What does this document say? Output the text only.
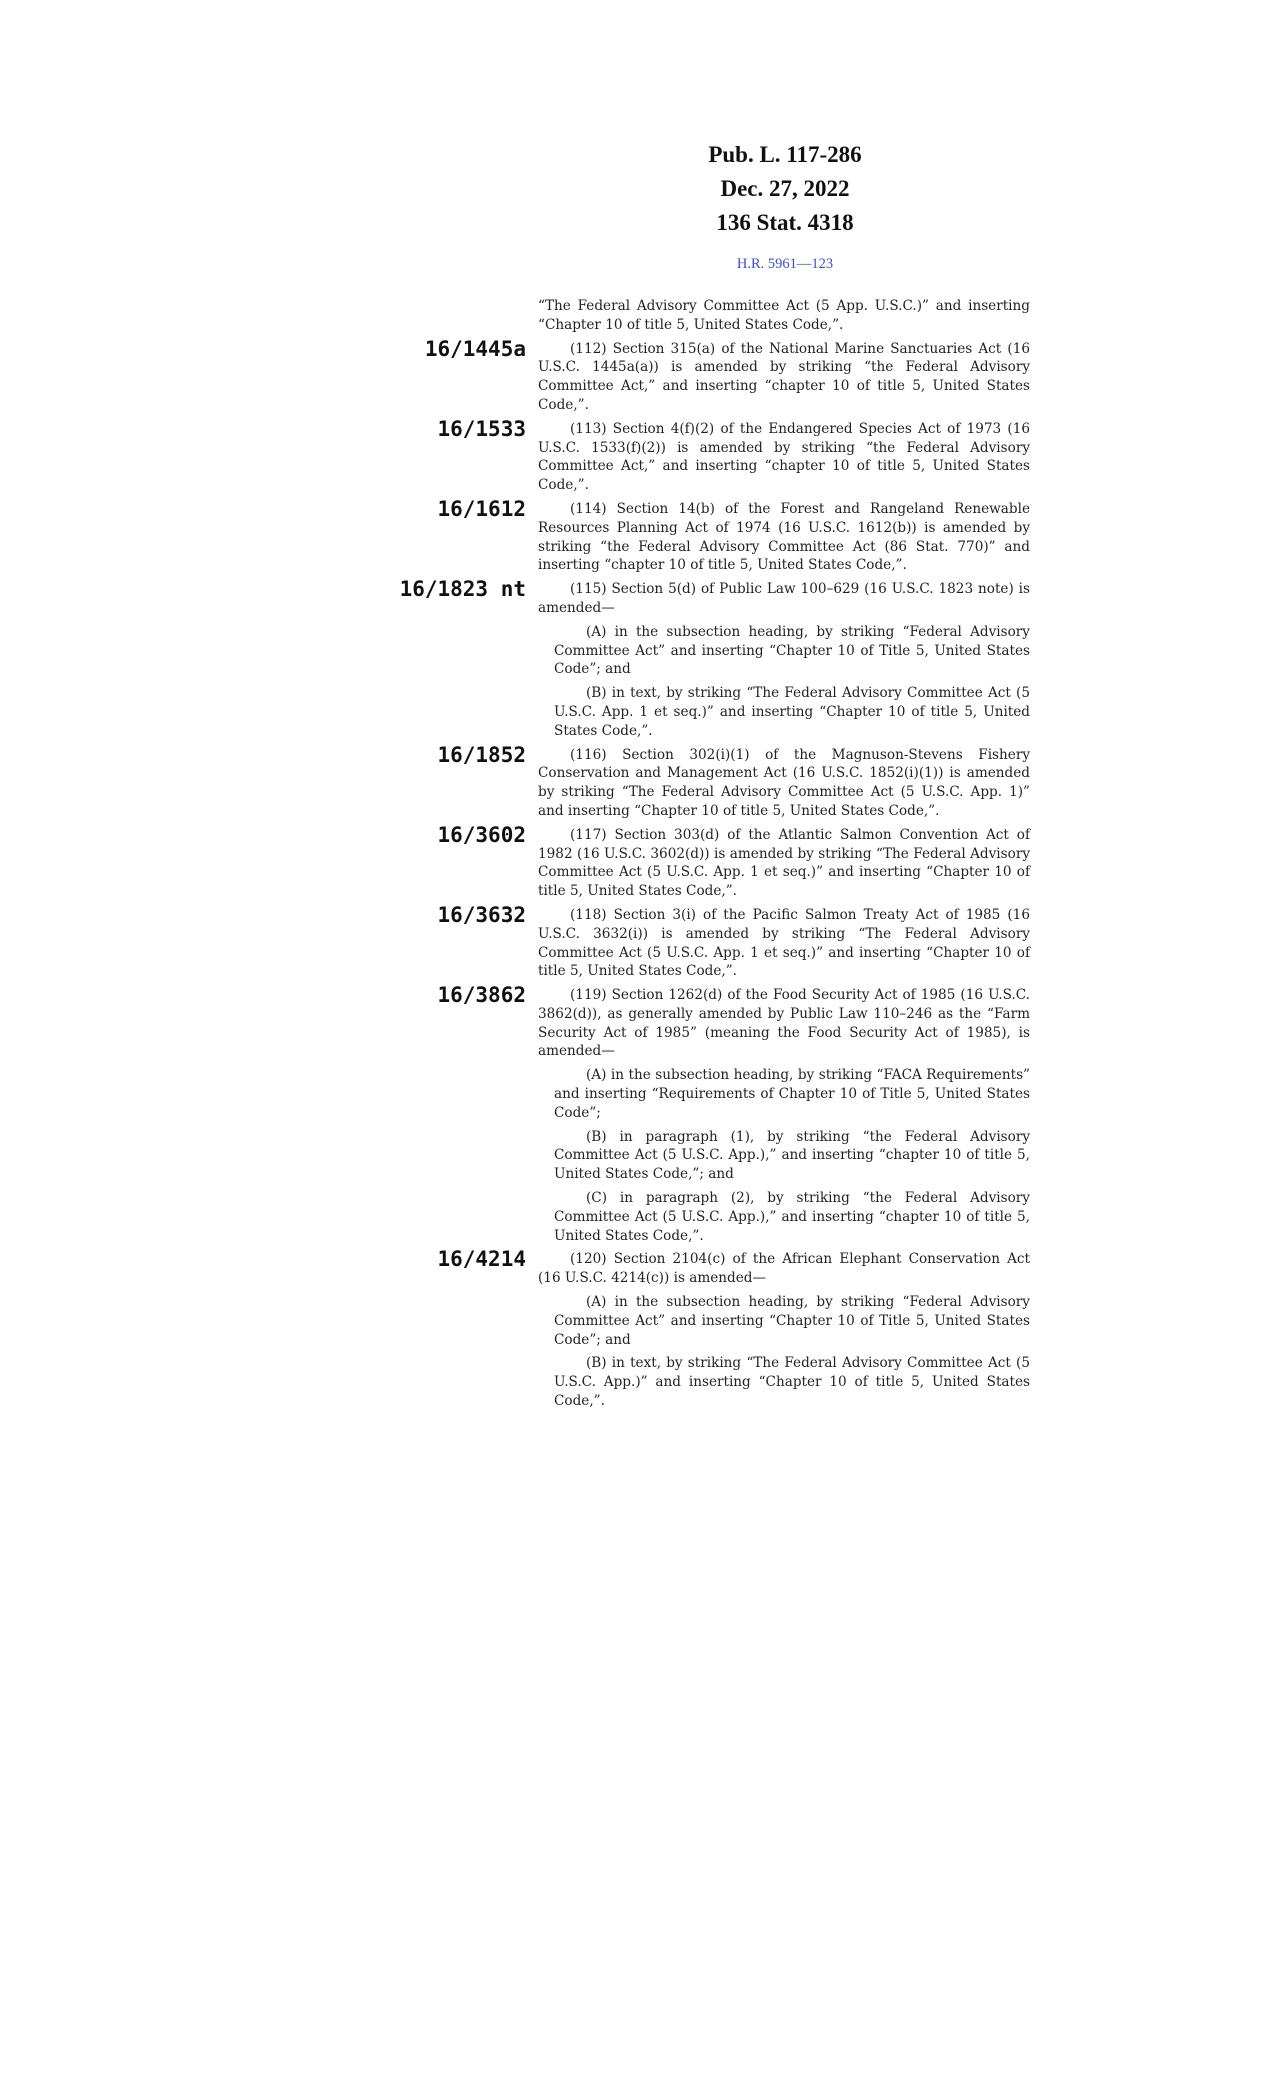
Pub. L. 117-286
Dec. 27, 2022
136 Stat. 4318
H.R. 5961—123

“The Federal Advisory Committee Act (5 App. U.S.C.)” and inserting “Chapter 10 of title 5, United States Code,”.

16/1445a	(112) Section 315(a) of the National Marine Sanctuaries Act (16 U.S.C. 1445a(a)) is amended by striking “the Federal Advisory Committee Act,” and inserting “chapter 10 of title 5, United States Code,”.

16/1533	(113) Section 4(f)(2) of the Endangered Species Act of 1973 (16 U.S.C. 1533(f)(2)) is amended by striking “the Federal Advisory Committee Act,” and inserting “chapter 10 of title 5, United States Code,”.

16/1612	(114) Section 14(b) of the Forest and Rangeland Renewable Resources Planning Act of 1974 (16 U.S.C. 1612(b)) is amended by striking “the Federal Advisory Committee Act (86 Stat. 770)” and inserting “chapter 10 of title 5, United States Code,”.

16/1823 nt	(115) Section 5(d) of Public Law 100–629 (16 U.S.C. 1823 note) is amended—

(A) in the subsection heading, by striking “Federal Advisory Committee Act” and inserting “Chapter 10 of Title 5, United States Code”; and

(B) in text, by striking “The Federal Advisory Committee Act (5 U.S.C. App. 1 et seq.)” and inserting “Chapter 10 of title 5, United States Code,”.

16/1852	(116) Section 302(i)(1) of the Magnuson-Stevens Fishery Conservation and Management Act (16 U.S.C. 1852(i)(1)) is amended by striking “The Federal Advisory Committee Act (5 U.S.C. App. 1)” and inserting “Chapter 10 of title 5, United States Code,”.

16/3602	(117) Section 303(d) of the Atlantic Salmon Convention Act of 1982 (16 U.S.C. 3602(d)) is amended by striking “The Federal Advisory Committee Act (5 U.S.C. App. 1 et seq.)” and inserting “Chapter 10 of title 5, United States Code,”.

16/3632	(118) Section 3(i) of the Pacific Salmon Treaty Act of 1985 (16 U.S.C. 3632(i)) is amended by striking “The Federal Advisory Committee Act (5 U.S.C. App. 1 et seq.)” and inserting “Chapter 10 of title 5, United States Code,”.

16/3862	(119) Section 1262(d) of the Food Security Act of 1985 (16 U.S.C. 3862(d)), as generally amended by Public Law 110–246 as the “Farm Security Act of 1985” (meaning the Food Security Act of 1985), is amended—

(A) in the subsection heading, by striking “FACA Requirements” and inserting “Requirements of Chapter 10 of Title 5, United States Code”;

(B) in paragraph (1), by striking “the Federal Advisory Committee Act (5 U.S.C. App.),” and inserting “chapter 10 of title 5, United States Code,”; and

(C) in paragraph (2), by striking “the Federal Advisory Committee Act (5 U.S.C. App.),” and inserting “chapter 10 of title 5, United States Code,”.

16/4214	(120) Section 2104(c) of the African Elephant Conservation Act (16 U.S.C. 4214(c)) is amended—

(A) in the subsection heading, by striking “Federal Advisory Committee Act” and inserting “Chapter 10 of Title 5, United States Code”; and

(B) in text, by striking “The Federal Advisory Committee Act (5 U.S.C. App.)” and inserting “Chapter 10 of title 5, United States Code,”.
